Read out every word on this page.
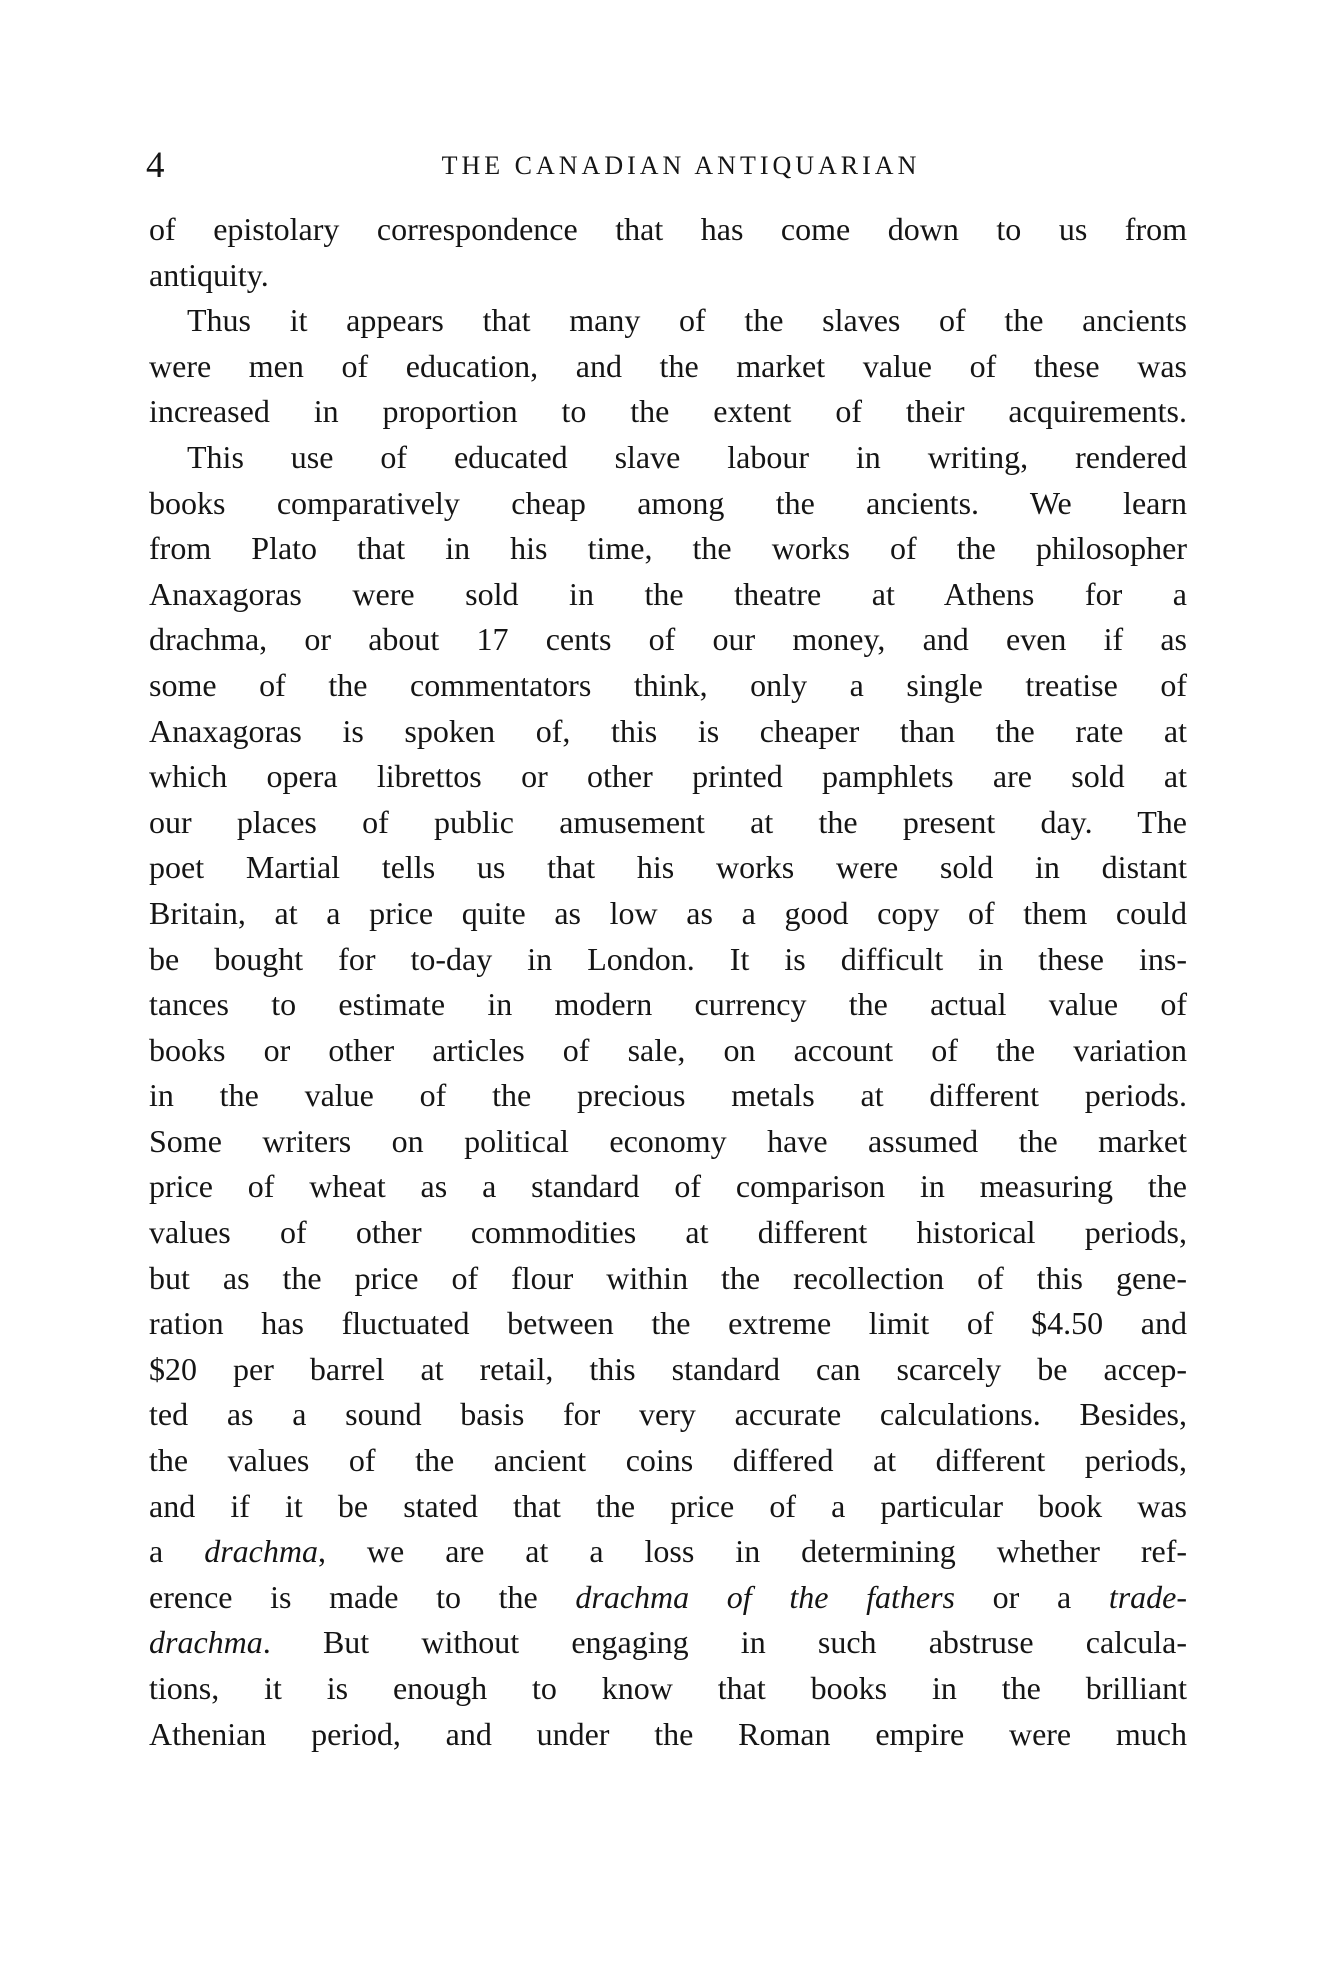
4	THE CANADIAN ANTIQUARIAN
of epistolary correspondence that has come down to us from
antiquity.
Thus it appears that many of the slaves of the ancients
were men of education, and the market value of these was
increased in proportion to the extent of their acquirements.
This use of educated slave labour in writing, rendered
books comparatively cheap among the ancients. We learn
from Plato that in his time, the works of the philosopher
Anaxagoras were sold in the theatre at Athens for a
drachma, or about 17 cents of our money, and even if as
some of the commentators think, only a single treatise of
Anaxagoras is spoken of, this is cheaper than the rate at
which opera librettos or other printed pamphlets are sold at
our places of public amusement at the present day. The
poet Martial tells us that his works were sold in distant
Britain, at a price quite as low as a good copy of them could
be bought for to-day in London. It is difficult in these ins-
tances to estimate in modern currency the actual value of
books or other articles of sale, on account of the variation
in the value of the precious metals at different periods.
Some writers on political economy have assumed the market
price of wheat as a standard of comparison in measuring the
values of other commodities at different historical periods,
but as the price of flour within the recollection of this gene-
ration has fluctuated between the extreme limit of $4.50 and
$20 per barrel at retail, this standard can scarcely be accep-
ted as a sound basis for very accurate calculations. Besides,
the values of the ancient coins differed at different periods,
and if it be stated that the price of a particular book was
a drachma, we are at a loss in determining whether ref-
erence is made to the drachma of the fathers or a trade-
drachma. But without engaging in such abstruse calcula-
tions, it is enough to know that books in the brilliant
Athenian period, and under the Roman empire were much
